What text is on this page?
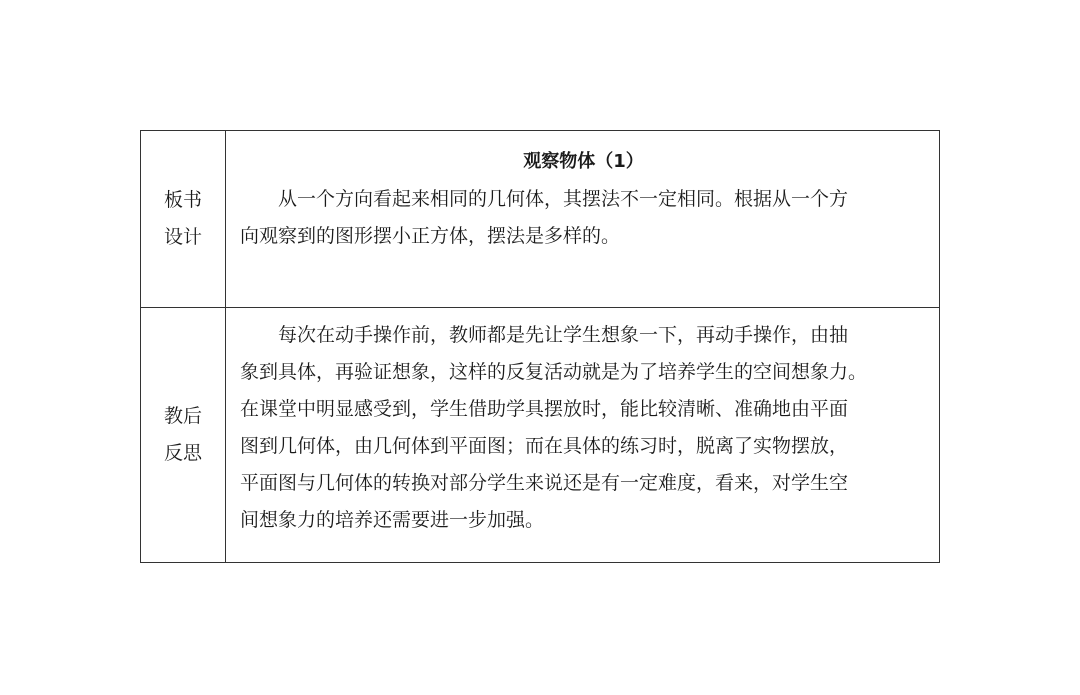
板书
设计
观察物体（1）
从一个方向看起来相同的几何体，其摆法不一定相同。根据从一个方
向观察到的图形摆小正方体，摆法是多样的。
教后
反思
每次在动手操作前，教师都是先让学生想象一下，再动手操作，由抽
象到具体，再验证想象，这样的反复活动就是为了培养学生的空间想象力。
在课堂中明显感受到，学生借助学具摆放时，能比较清晰、准确地由平面
图到几何体，由几何体到平面图；而在具体的练习时，脱离了实物摆放，
平面图与几何体的转换对部分学生来说还是有一定难度，看来，对学生空
间想象力的培养还需要进一步加强。
